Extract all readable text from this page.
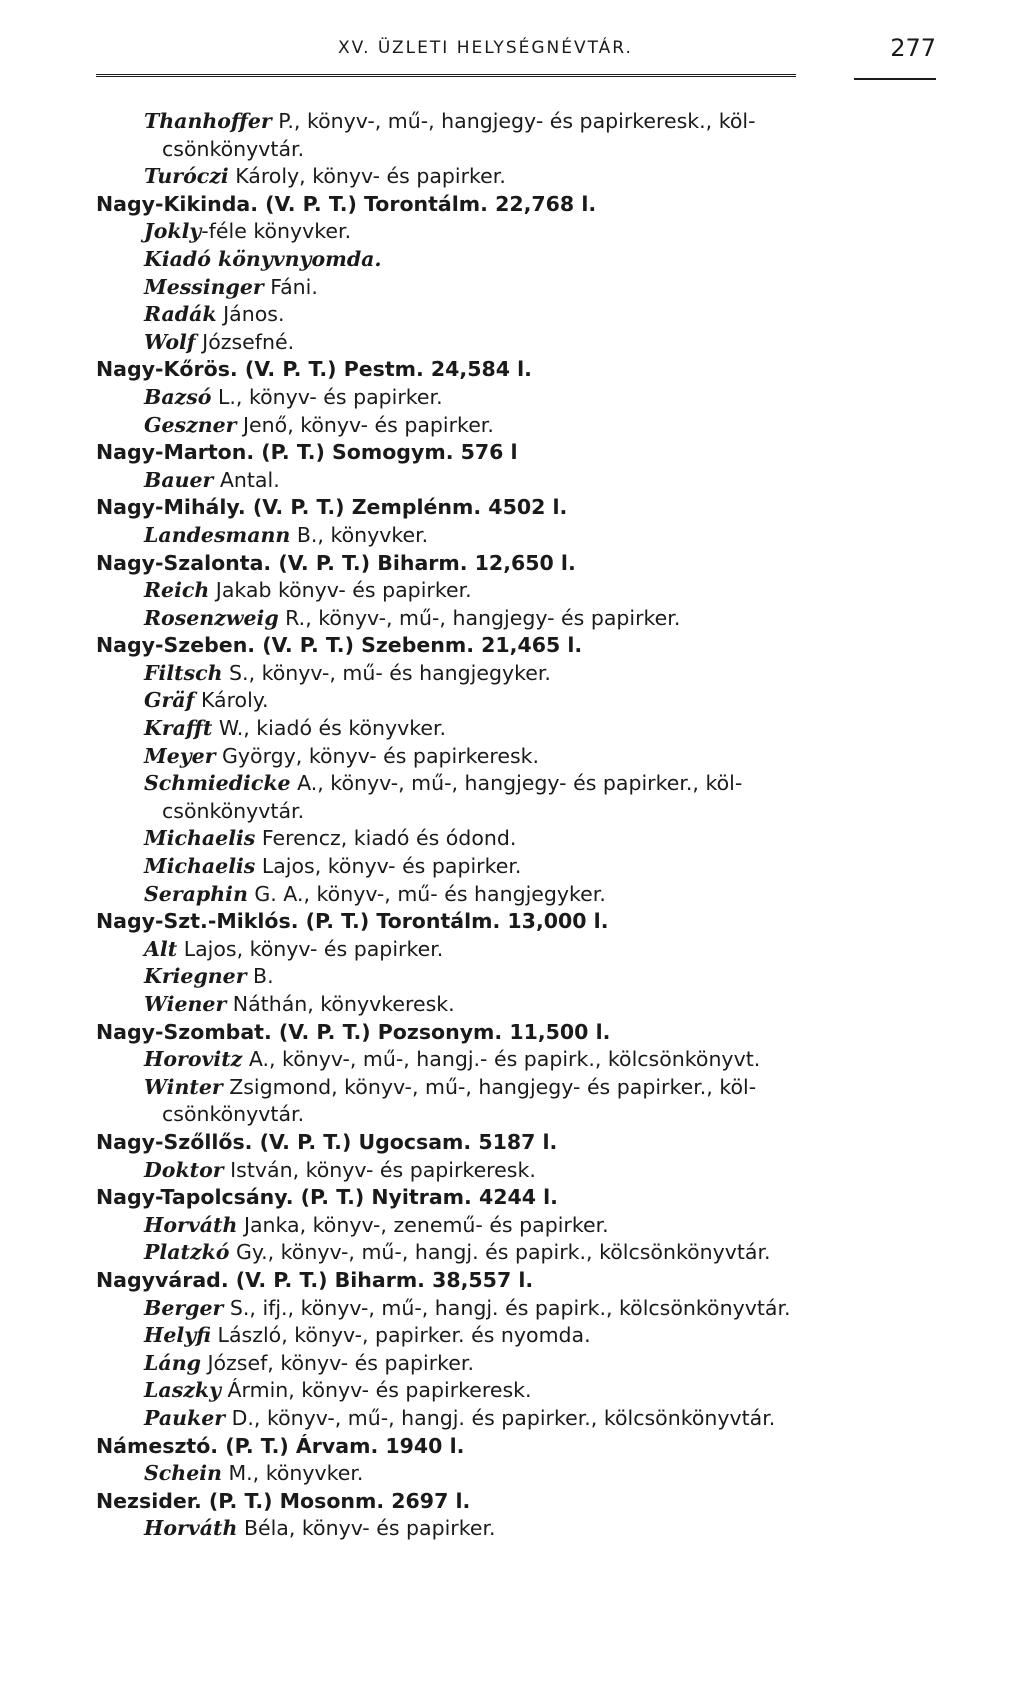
XV. ÜZLETI HELYSÉGNÉVTÁR.	277
Thanhoffer P., könyv-, mű-, hangjegy- és papirkeresk., köl-
csönkönyvtár.
Turóczi Károly, könyv- és papirker.
Nagy-Kikinda. (V. P. T.) Torontálm. 22,768 l.
Jokly-féle könyvker.
Kiadó könyvnyomda.
Messinger Fáni.
Radák János.
Wolf Józsefné.
Nagy-Kőrös. (V. P. T.) Pestm. 24,584 l.
Bazsó L., könyv- és papirker.
Geszner Jenő, könyv- és papirker.
Nagy-Marton. (P. T.) Somogym. 576 l
Bauer Antal.
Nagy-Mihály. (V. P. T.) Zemplénm. 4502 l.
Landesmann B., könyvker.
Nagy-Szalonta. (V. P. T.) Biharm. 12,650 l.
Reich Jakab könyv- és papirker.
Rosenzweig R., könyv-, mű-, hangjegy- és papirker.
Nagy-Szeben. (V. P. T.) Szebenm. 21,465 l.
Filtsch S., könyv-, mű- és hangjegyker.
Gräf Károly.
Krafft W., kiadó és könyvker.
Meyer György, könyv- és papirkeresk.
Schmiedicke A., könyv-, mű-, hangjegy- és papirker., köl-
csönkönyvtár.
Michaelis Ferencz, kiadó és ódond.
Michaelis Lajos, könyv- és papirker.
Seraphin G. A., könyv-, mű- és hangjegyker.
Nagy-Szt.-Miklós. (P. T.) Torontálm. 13,000 l.
Alt Lajos, könyv- és papirker.
Kriegner B.
Wiener Náthán, könyvkeresk.
Nagy-Szombat. (V. P. T.) Pozsonym. 11,500 l.
Horovitz A., könyv-, mű-, hangj.- és papirk., kölcsönkönyvt.
Winter Zsigmond, könyv-, mű-, hangjegy- és papirker., köl-
csönkönyvtár.
Nagy-Szőllős. (V. P. T.) Ugocsam. 5187 l.
Doktor István, könyv- és papirkeresk.
Nagy-Tapolcsány. (P. T.) Nyitram. 4244 l.
Horváth Janka, könyv-, zenemű- és papirker.
Platzkó Gy., könyv-, mű-, hangj. és papirk., kölcsönkönyvtár.
Nagyvárad. (V. P. T.) Biharm. 38,557 l.
Berger S., ifj., könyv-, mű-, hangj. és papirk., kölcsönkönyvtár.
Helyfi László, könyv-, papirker. és nyomda.
Láng József, könyv- és papirker.
Laszky Ármin, könyv- és papirkeresk.
Pauker D., könyv-, mű-, hangj. és papirker., kölcsönkönyvtár.
Námesztó. (P. T.) Árvam. 1940 l.
Schein M., könyvker.
Nezsider. (P. T.) Mosonm. 2697 l.
Horváth Béla, könyv- és papirker.
